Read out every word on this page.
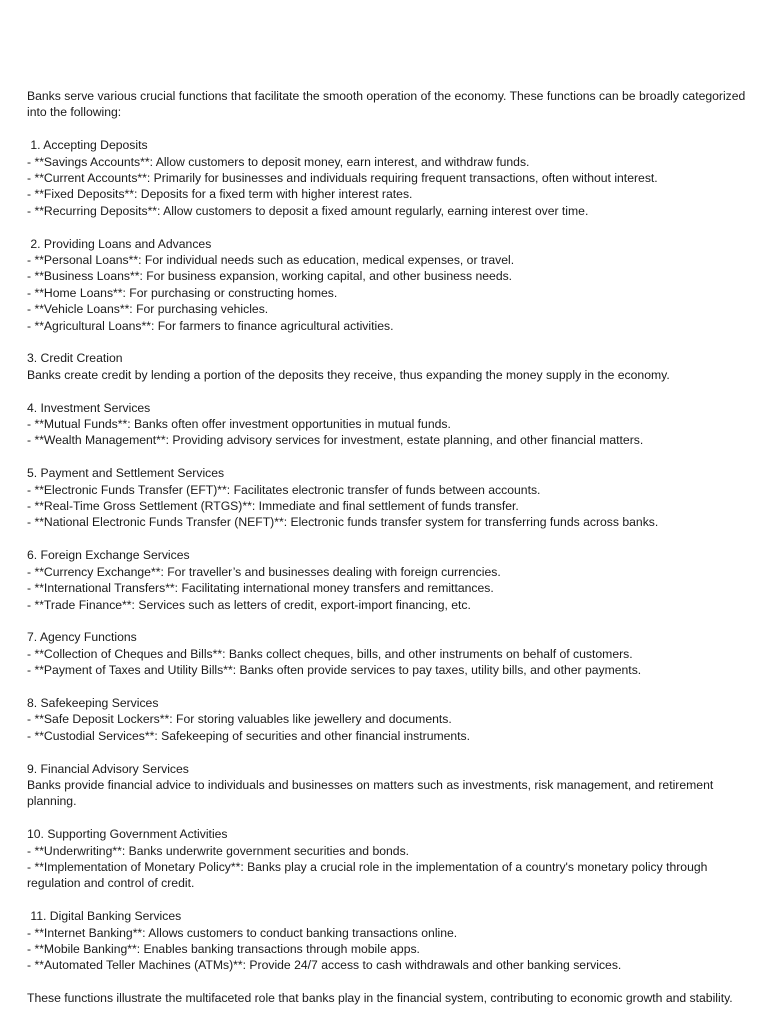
Banks serve various crucial functions that facilitate the smooth operation of the economy. These functions can be broadly categorized into the following:

1. Accepting Deposits

- **Savings Accounts**: Allow customers to deposit money, earn interest, and withdraw funds.

- **Current Accounts**: Primarily for businesses and individuals requiring frequent transactions, often without interest.

- **Fixed Deposits**: Deposits for a fixed term with higher interest rates.

- **Recurring Deposits**: Allow customers to deposit a fixed amount regularly, earning interest over time.

2. Providing Loans and Advances

- **Personal Loans**: For individual needs such as education, medical expenses, or travel.

- **Business Loans**: For business expansion, working capital, and other business needs.

- **Home Loans**: For purchasing or constructing homes.

- **Vehicle Loans**: For purchasing vehicles.

- **Agricultural Loans**: For farmers to finance agricultural activities.

3. Credit Creation

Banks create credit by lending a portion of the deposits they receive, thus expanding the money supply in the economy.

4. Investment Services

- **Mutual Funds**: Banks often offer investment opportunities in mutual funds.

- **Wealth Management**: Providing advisory services for investment, estate planning, and other financial matters.

5. Payment and Settlement Services

- **Electronic Funds Transfer (EFT)**: Facilitates electronic transfer of funds between accounts.

- **Real-Time Gross Settlement (RTGS)**: Immediate and final settlement of funds transfer.

- **National Electronic Funds Transfer (NEFT)**: Electronic funds transfer system for transferring funds across banks.

6. Foreign Exchange Services

- **Currency Exchange**: For traveller’s and businesses dealing with foreign currencies.

- **International Transfers**: Facilitating international money transfers and remittances.

- **Trade Finance**: Services such as letters of credit, export-import financing, etc.

7. Agency Functions

- **Collection of Cheques and Bills**: Banks collect cheques, bills, and other instruments on behalf of customers.

- **Payment of Taxes and Utility Bills**: Banks often provide services to pay taxes, utility bills, and other payments.

8. Safekeeping Services

- **Safe Deposit Lockers**: For storing valuables like jewellery and documents.

- **Custodial Services**: Safekeeping of securities and other financial instruments.

9. Financial Advisory Services

Banks provide financial advice to individuals and businesses on matters such as investments, risk management, and retirement planning.

10. Supporting Government Activities

- **Underwriting**: Banks underwrite government securities and bonds.

- **Implementation of Monetary Policy**: Banks play a crucial role in the implementation of a country's monetary policy through regulation and control of credit.

11. Digital Banking Services

- **Internet Banking**: Allows customers to conduct banking transactions online.

- **Mobile Banking**: Enables banking transactions through mobile apps.

- **Automated Teller Machines (ATMs)**: Provide 24/7 access to cash withdrawals and other banking services.

These functions illustrate the multifaceted role that banks play in the financial system, contributing to economic growth and stability.
